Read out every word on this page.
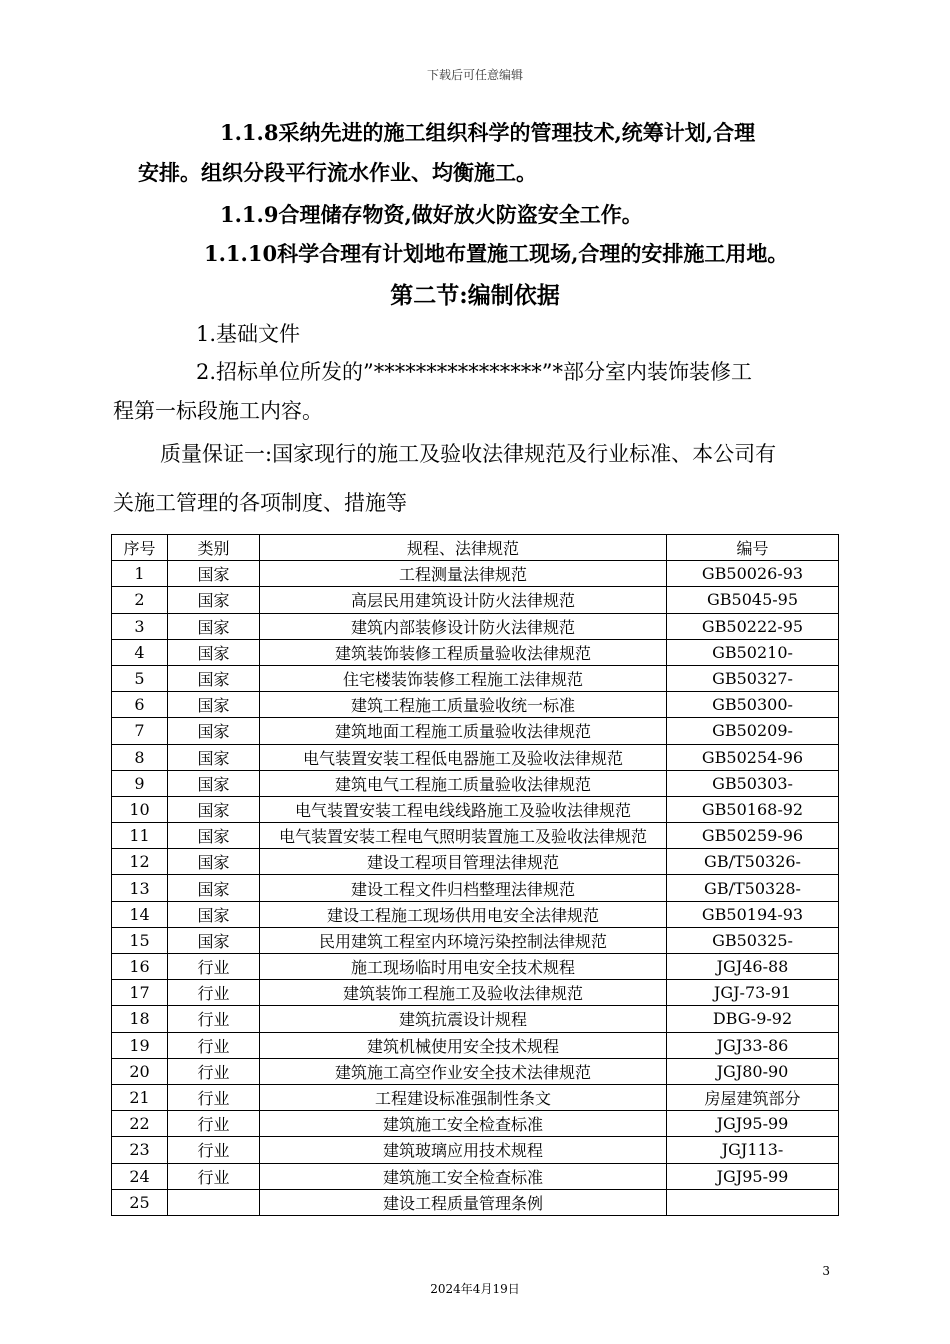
下载后可任意编辑
1.1.8采纳先进的施工组织科学的管理技术,统筹计划,合理
安排。组织分段平行流水作业、均衡施工。
1.1.9合理储存物资,做好放火防盗安全工作。
1.1.10科学合理有计划地布置施工现场,合理的安排施工用地。
第二节:编制依据
1.基础文件
2.招标单位所发的”****************”*部分室内装饰装修工
程第一标段施工内容。
质量保证一:国家现行的施工及验收法律规范及行业标准、本公司有
关施工管理的各项制度、措施等
序号	类别	规程、法律规范	编号
1	国家	工程测量法律规范	GB50026-93
2	国家	高层民用建筑设计防火法律规范	GB5045-95
3	国家	建筑内部装修设计防火法律规范	GB50222-95
4	国家	建筑装饰装修工程质量验收法律规范	GB50210-
5	国家	住宅楼装饰装修工程施工法律规范	GB50327-
6	国家	建筑工程施工质量验收统一标准	GB50300-
7	国家	建筑地面工程施工质量验收法律规范	GB50209-
8	国家	电气装置安装工程低电器施工及验收法律规范	GB50254-96
9	国家	建筑电气工程施工质量验收法律规范	GB50303-
10	国家	电气装置安装工程电线线路施工及验收法律规范	GB50168-92
11	国家	电气装置安装工程电气照明装置施工及验收法律规范	GB50259-96
12	国家	建设工程项目管理法律规范	GB/T50326-
13	国家	建设工程文件归档整理法律规范	GB/T50328-
14	国家	建设工程施工现场供用电安全法律规范	GB50194-93
15	国家	民用建筑工程室内环境污染控制法律规范	GB50325-
16	行业	施工现场临时用电安全技术规程	JGJ46-88
17	行业	建筑装饰工程施工及验收法律规范	JGJ-73-91
18	行业	建筑抗震设计规程	DBG-9-92
19	行业	建筑机械使用安全技术规程	JGJ33-86
20	行业	建筑施工高空作业安全技术法律规范	JGJ80-90
21	行业	工程建设标准强制性条文	房屋建筑部分
22	行业	建筑施工安全检查标准	JGJ95-99
23	行业	建筑玻璃应用技术规程	JGJ113-
24	行业	建筑施工安全检查标准	JGJ95-99
25		建设工程质量管理条例	
3
2024年4月19日
